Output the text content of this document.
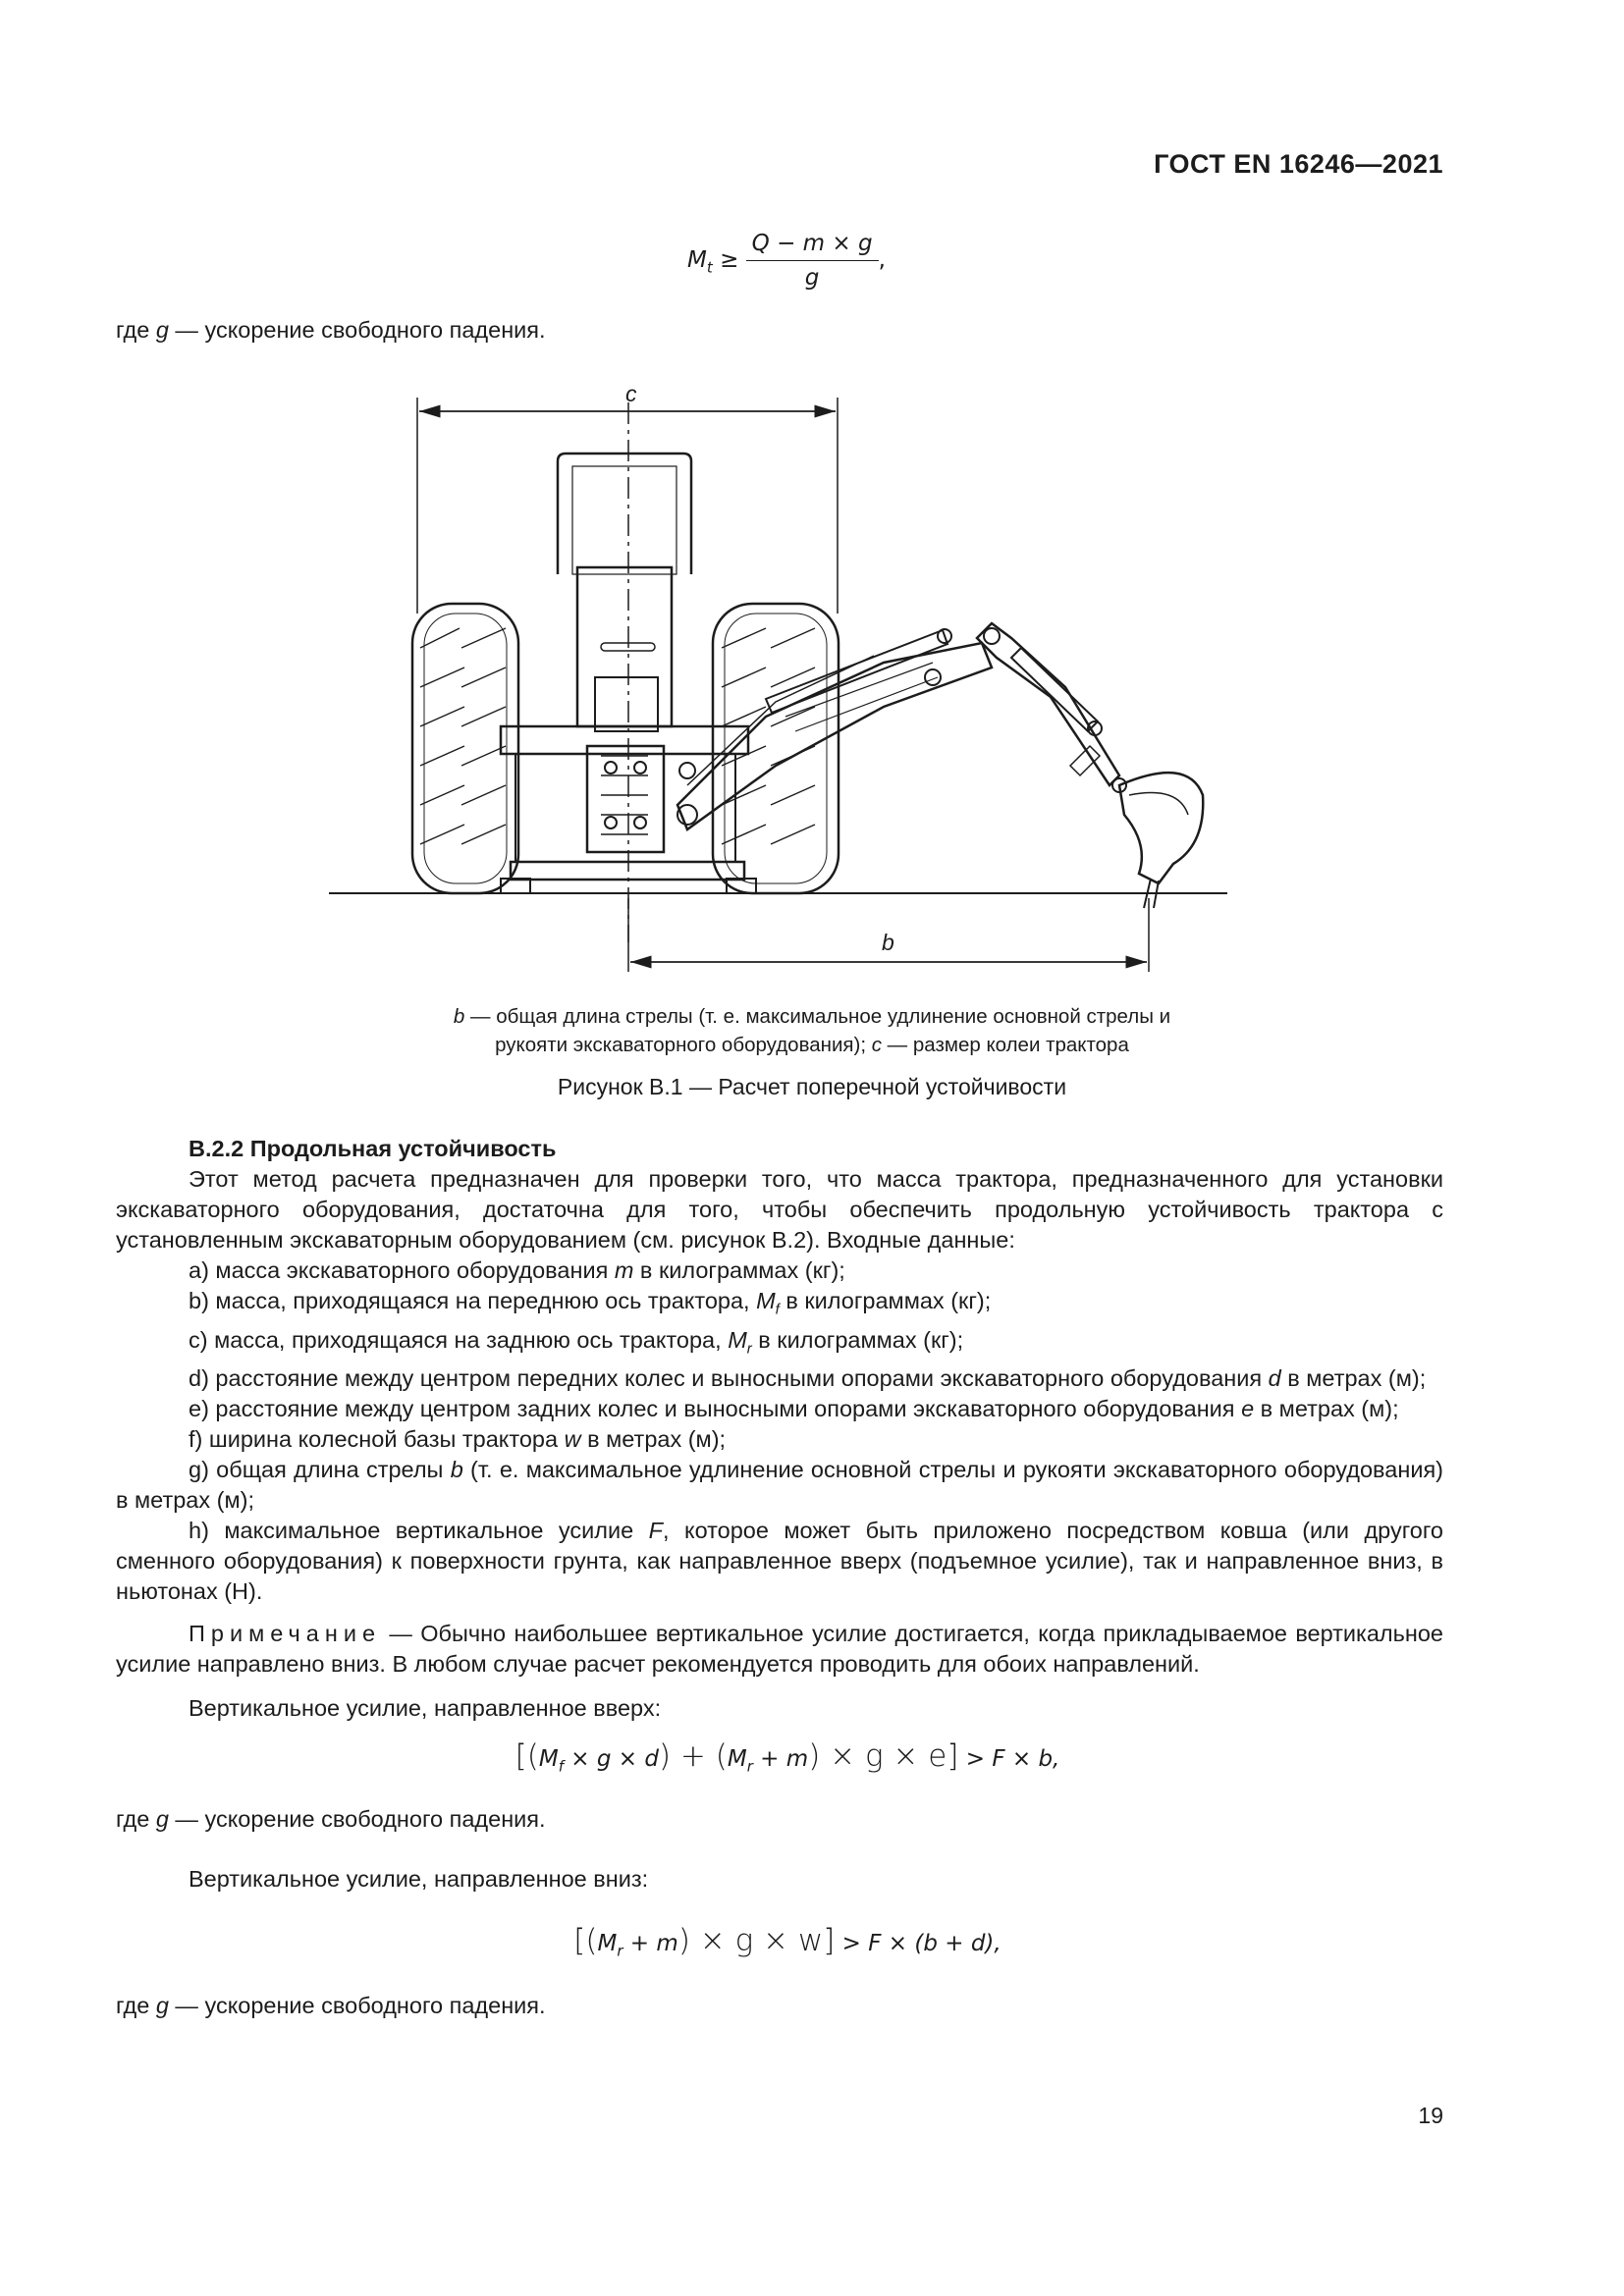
ГОСТ EN 16246—2021
$M_t \ge \frac{Q - m \times g}{g}$ ,
где g — ускорение свободного падения.
c
b
b — общая длина стрелы (т. е. максимальное удлинение основной стрелы и
рукояти экскаваторного оборудования); c — размер колеи трактора
Рисунок В.1 — Расчет поперечной устойчивости
В.2.2 Продольная устойчивость
Этот метод расчета предназначен для проверки того, что масса трактора, предназначенного для установки экскаваторного оборудования, достаточна для того, чтобы обеспечить продольную устойчивость трактора с установленным экскаваторным оборудованием (см. рисунок В.2). Входные данные:
a) масса экскаваторного оборудования m в килограммах (кг);
b) масса, приходящаяся на переднюю ось трактора, $M_f$ в килограммах (кг);
c) масса, приходящаяся на заднюю ось трактора, $M_r$ в килограммах (кг);
d) расстояние между центром передних колес и выносными опорами экскаваторного оборудования d в метрах (м);
e) расстояние между центром задних колес и выносными опорами экскаваторного оборудования e в метрах (м);
f) ширина колесной базы трактора w в метрах (м);
g) общая длина стрелы b (т. е. максимальное удлинение основной стрелы и рукояти экскаваторного оборудования) в метрах (м);
h) максимальное вертикальное усилие F, которое может быть приложено посредством ковша (или другого сменного оборудования) к поверхности грунта, как направленное вверх (подъемное усилие), так и направленное вниз, в ньютонах (Н).
Примечание — Обычно наибольшее вертикальное усилие достигается, когда прикладываемое вертикальное усилие направлено вниз. В любом случае расчет рекомендуется проводить для обоих направлений.
Вертикальное усилие, направленное вверх:
$[(M_f \times g \times d) + (M_r + m) \times g \times e] > F \times b$,
где g — ускорение свободного падения.
Вертикальное усилие, направленное вниз:
$[(M_r + m) \times g \times w] > F \times (b + d)$,
где g — ускорение свободного падения.
19
